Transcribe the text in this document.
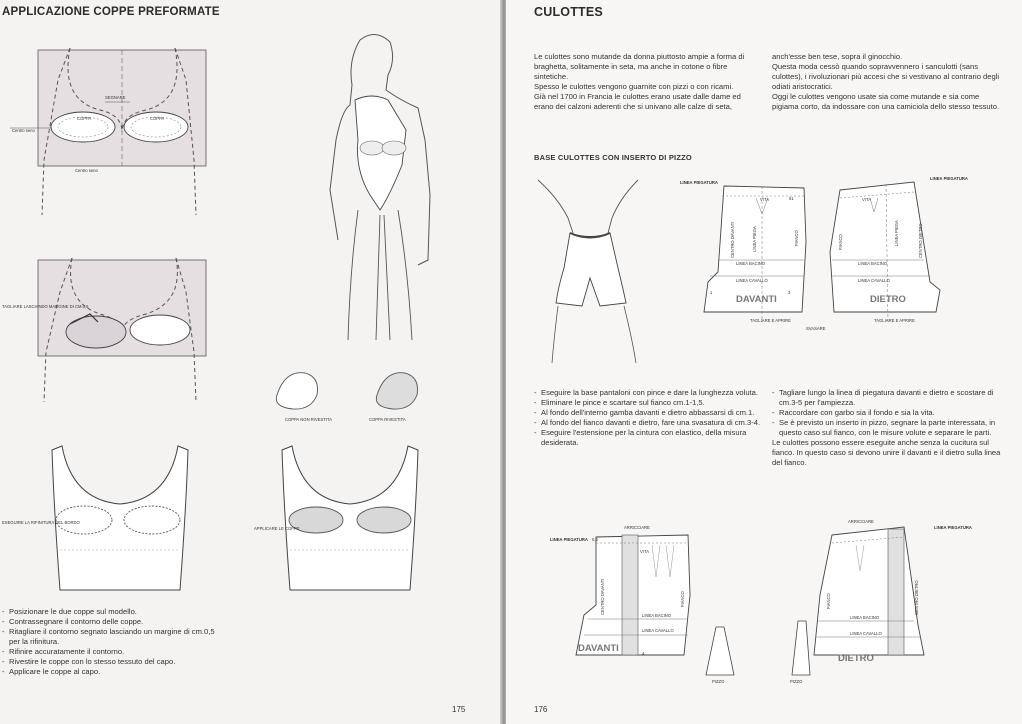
APPLICAZIONE COPPE PREFORMATE
Centro seno
SEGNARE
COPPA	COPPA
Centro seno
TAGLIARE LASCIANDO MARGINE DI CM.0,5
COPPA NON RIVESTITA	COPPA RIVESTITA
ESEGUIRE LA RIFINITURA DEL BORDO
APPLICARE LE COPPE
- Posizionare le due coppe sul modello.
- Contrassegnare il contorno delle coppe.
- Ritagliare il contorno segnato lasciando un margine di cm.0,5 per la rifinitura.
- Rifinire accuratamente il contorno.
- Rivestire le coppe con lo stesso tessuto del capo.
- Applicare le coppe al capo.
175
CULOTTES

Le culottes sono mutande da donna piuttosto ampie a forma di braghetta, solitamente in seta, ma anche in cotone o fibre sintetiche.

Spesso le culottes vengono guarnite con pizzi o con ricami.

Già nel 1700 in Francia le culottes erano usate dalle dame ed erano dei calzoni aderenti che si univano alle calze di seta,

anch'esse ben tese, sopra il ginocchio.

Questa moda cessò quando sopravvennero i sanculotti (sans culottes), i rivoluzionari più accesi che si vestivano al contrario degli odiati aristocratici.

Oggi le culottes vengono usate sia come mutande e sia come pigiama corto, da indossare con una camiciola dello stesso tessuto.

BASE CULOTTES CON INSERTO DI PIZZO
LINEA PIEGATURA
VITA	61
CENTRO DAVANTI	LINEA PIEGA	FIANCO
LINEA BACINO
LINEA CAVALLO
DAVANTI
1	3
TAGLIARE E APRIRE
SVASARE
LINEA PIEGATURA
VITA
FIANCO	LINEA PIEGA	CENTRO DIETRO
LINEA BACINO
LINEA CAVALLO
DIETRO
TAGLIARE E APRIRE
- Eseguire la base pantaloni con pince e dare la lunghezza voluta.
- Eliminare le pince e scartare sul fianco cm.1-1,5.
- Al fondo dell'interno gamba davanti e dietro abbassarsi di cm.1.
- Al fondo del fianco davanti e dietro, fare una svasatura di cm.3-4.
- Eseguire l'estensione per la cintura con elastico, della misura desiderata.
- Tagliare lungo la linea di piegatura davanti e dietro e scostare di cm.3-5 per l'ampiezza.
- Raccordare con garbo sia il fondo e sia la vita.
- Se è previsto un inserto in pizzo, segnare la parte interessata, in questo caso sul fianco, con le misure volute e separare le parti.

Le culottes possono essere eseguite anche senza la cucitura sul fianco. In questo caso si devono unire il davanti e il dietro sulla linea del fianco.

LINEA PIEGATURA
ARRICCIARE
VITA
CENTRO DAVANTI	FIANCO
LINEA BACINO
LINEA CAVALLO
DAVANTI
0,5
4
PIZZO
ARRICCIARE
LINEA PIEGATURA
FIANCO	CENTRO DIETRO
LINEA BACINO
LINEA CAVALLO
DIETRO
PIZZO
176
